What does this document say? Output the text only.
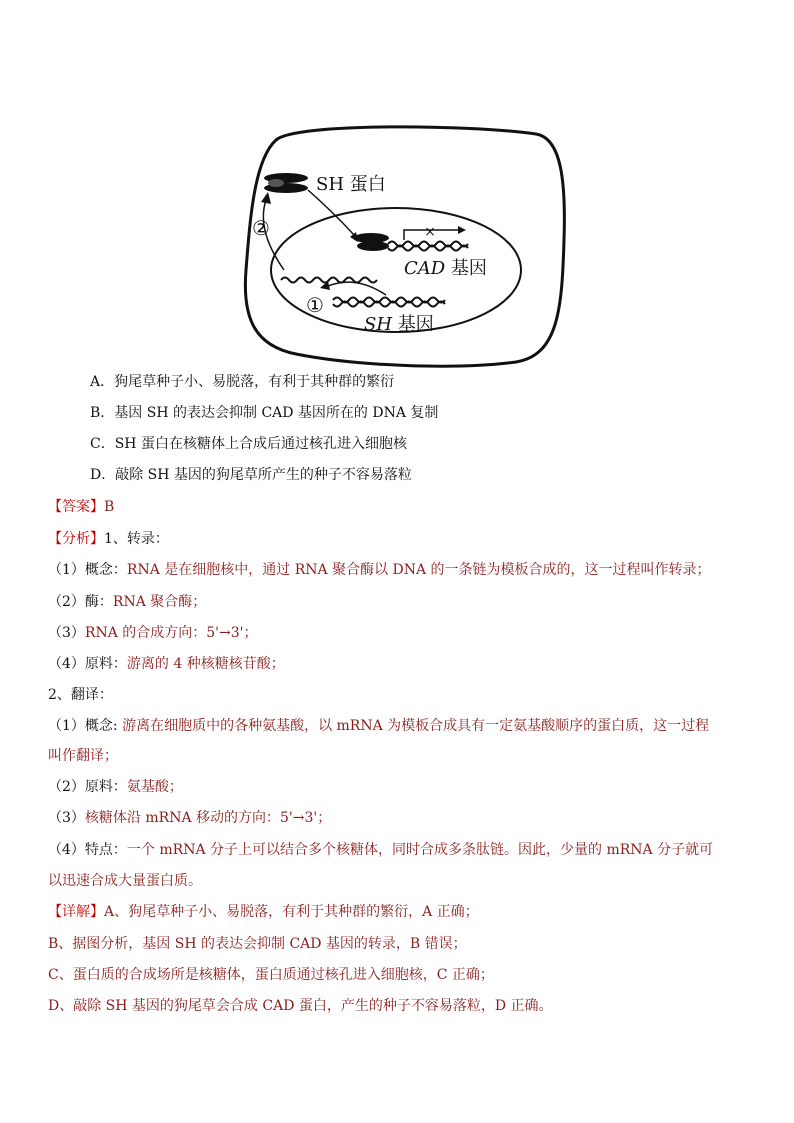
×
SH 蛋白
②
①
CAD 基因
SH 基因
A．狗尾草种子小、易脱落，有利于其种群的繁衍
B．基因 SH 的表达会抑制 CAD 基因所在的 DNA 复制
C．SH 蛋白在核糖体上合成后通过核孔进入细胞核
D．敲除 SH 基因的狗尾草所产生的种子不容易落粒
【答案】B
【分析】1、转录：
（1）概念：RNA 是在细胞核中，通过 RNA 聚合酶以 DNA 的一条链为模板合成的，这一过程叫作转录；
（2）酶：RNA 聚合酶；
（3）RNA 的合成方向：5'→3'；
（4）原料：游离的 4 种核糖核苷酸；
2、翻译：
（1）概念: 游离在细胞质中的各种氨基酸，以 mRNA 为模板合成具有一定氨基酸顺序的蛋白质，这一过程
叫作翻译；
（2）原料：氨基酸；
（3）核糖体沿 mRNA 移动的方向：5'→3'；
（4）特点：一个 mRNA 分子上可以结合多个核糖体，同时合成多条肽链。因此，少量的 mRNA 分子就可
以迅速合成大量蛋白质。
【详解】A、狗尾草种子小、易脱落，有利于其种群的繁衍，A 正确；
B、据图分析，基因 SH 的表达会抑制 CAD 基因的转录，B 错误；
C、蛋白质的合成场所是核糖体，蛋白质通过核孔进入细胞核，C 正确；
D、敲除 SH 基因的狗尾草会合成 CAD 蛋白，产生的种子不容易落粒，D 正确。
